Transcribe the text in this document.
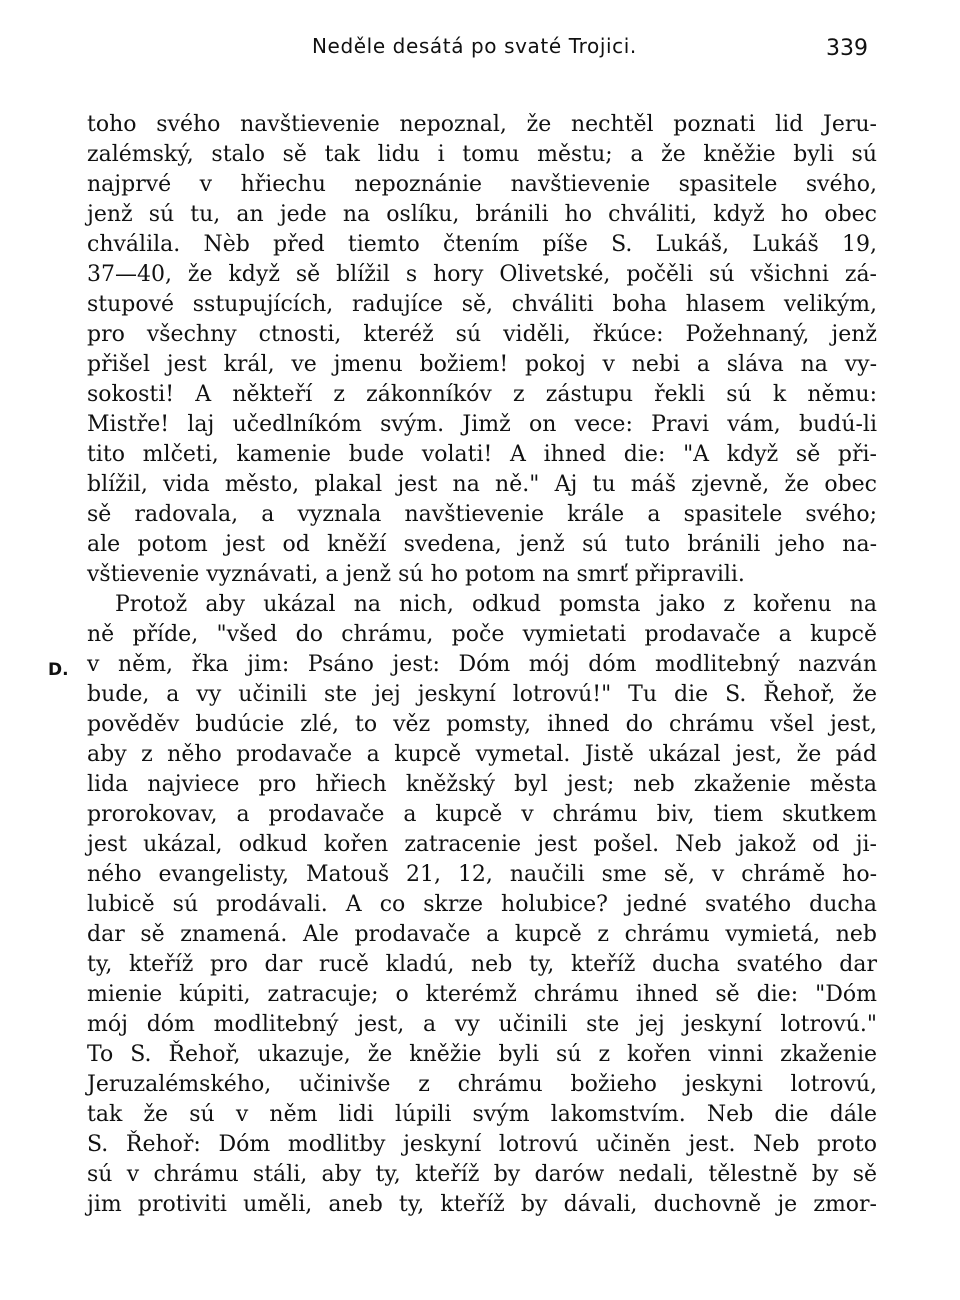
Neděle desátá po svaté Trojici.	339
D.
toho svého navštievenie nepoznal, že nechtěl poznati lid Jeru-
zalémský, stalo sě tak lidu i tomu městu; a že kněžie byli sú
najprvé v hřiechu nepoznánie navštievenie spasitele svého,
jenž sú tu, an jede na oslíku, bránili ho chváliti, když ho obec
chválila. Nèb před tiemto čtením píše S. Lukáš, Lukáš 19,
37—40, že když sě blížil s hory Olivetské, počěli sú všichni zá-
stupové sstupujících, radujíce sě, chváliti boha hlasem velikým,
pro všechny ctnosti, kteréž sú viděli, řkúce: Požehnaný, jenž
přišel jest král, ve jmenu božiem! pokoj v nebi a sláva na vy-
sokosti! A někteří z zákonníkóv z zástupu řekli sú k němu:
Mistře! laj učedlníkóm svým. Jimž on vece: Pravi vám, budú-li
tito mlčeti, kamenie bude volati! A ihned die: "A když sě při-
blížil, vida město, plakal jest na ně." Aj tu máš zjevně, že obec
sě radovala, a vyznala navštievenie krále a spasitele svého;
ale potom jest od kněží svedena, jenž sú tuto bránili jeho na-
vštievenie vyznávati, a jenž sú ho potom na smrť připravili.
Protož aby ukázal na nich, odkud pomsta jako z kořenu na
ně příde, "všed do chrámu, poče vymietati prodavače a kupcě
v něm, řka jim: Psáno jest: Dóm mój dóm modlitebný nazván
bude, a vy učinili ste jej jeskyní lotrovú!" Tu die S. Řehoř, že
pověděv budúcie zlé, to věz pomsty, ihned do chrámu všel jest,
aby z něho prodavače a kupcě vymetal. Jistě ukázal jest, že pád
lida najviece pro hřiech kněžský byl jest; neb zkaženie města
prorokovav, a prodavače a kupcě v chrámu biv, tiem skutkem
jest ukázal, odkud kořen zatracenie jest pošel. Neb jakož od ji-
ného evangelisty, Matouš 21, 12, naučili sme sě, v chrámě ho-
lubicě sú prodávali. A co skrze holubice? jedné svatého ducha
dar sě znamená. Ale prodavače a kupcě z chrámu vymietá, neb
ty, kteříž pro dar rucě kladú, neb ty, kteříž ducha svatého dar
mienie kúpiti, zatracuje; o kterémž chrámu ihned sě die: "Dóm
mój dóm modlitebný jest, a vy učinili ste jej jeskyní lotrovú."
To S. Řehoř, ukazuje, že kněžie byli sú z kořen vinni zkaženie
Jeruzalémského, učinivše z chrámu božieho jeskyni lotrovú,
tak že sú v něm lidi lúpili svým lakomstvím. Neb die dále
S. Řehoř: Dóm modlitby jeskyní lotrovú učiněn jest. Neb proto
sú v chrámu stáli, aby ty, kteříž by darów nedali, tělestně by sě
jim protiviti uměli, aneb ty, kteříž by dávali, duchovně je zmor-
